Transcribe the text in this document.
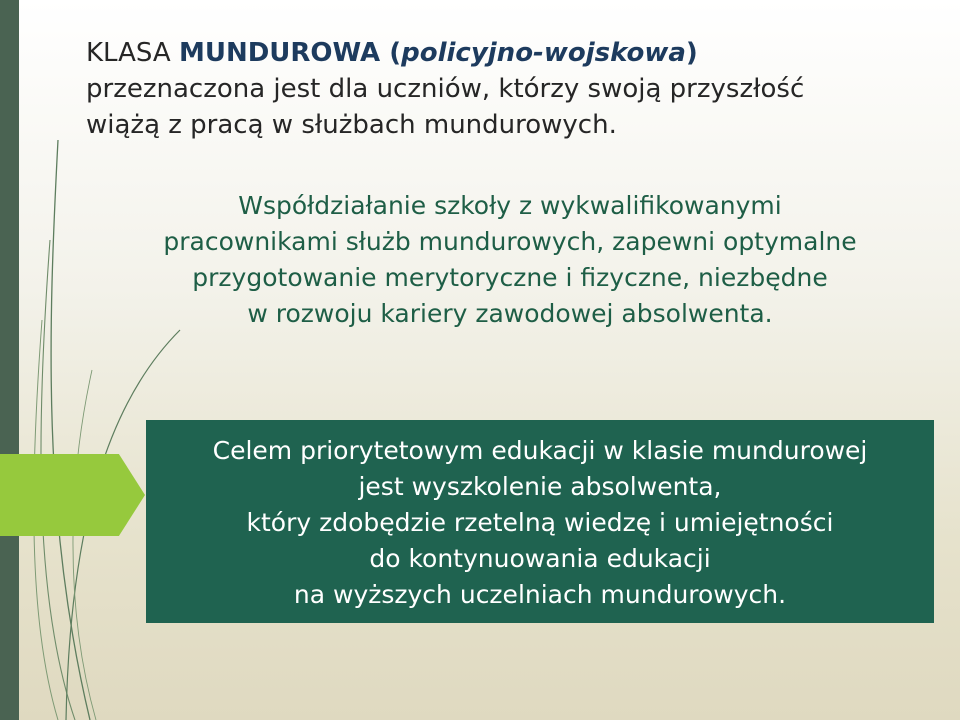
KLASA MUNDUROWA (policyjno-wojskowa)
przeznaczona jest dla uczniów, którzy swoją przyszłość
wiążą z pracą w służbach mundurowych.

Współdziałanie szkoły z wykwalifikowanymi
pracownikami służb mundurowych, zapewni optymalne
przygotowanie merytoryczne i fizyczne, niezbędne
w rozwoju kariery zawodowej absolwenta.

Celem priorytetowym edukacji w klasie mundurowej
jest wyszkolenie absolwenta,
który zdobędzie rzetelną wiedzę i umiejętności
do kontynuowania edukacji
na wyższych uczelniach mundurowych.
